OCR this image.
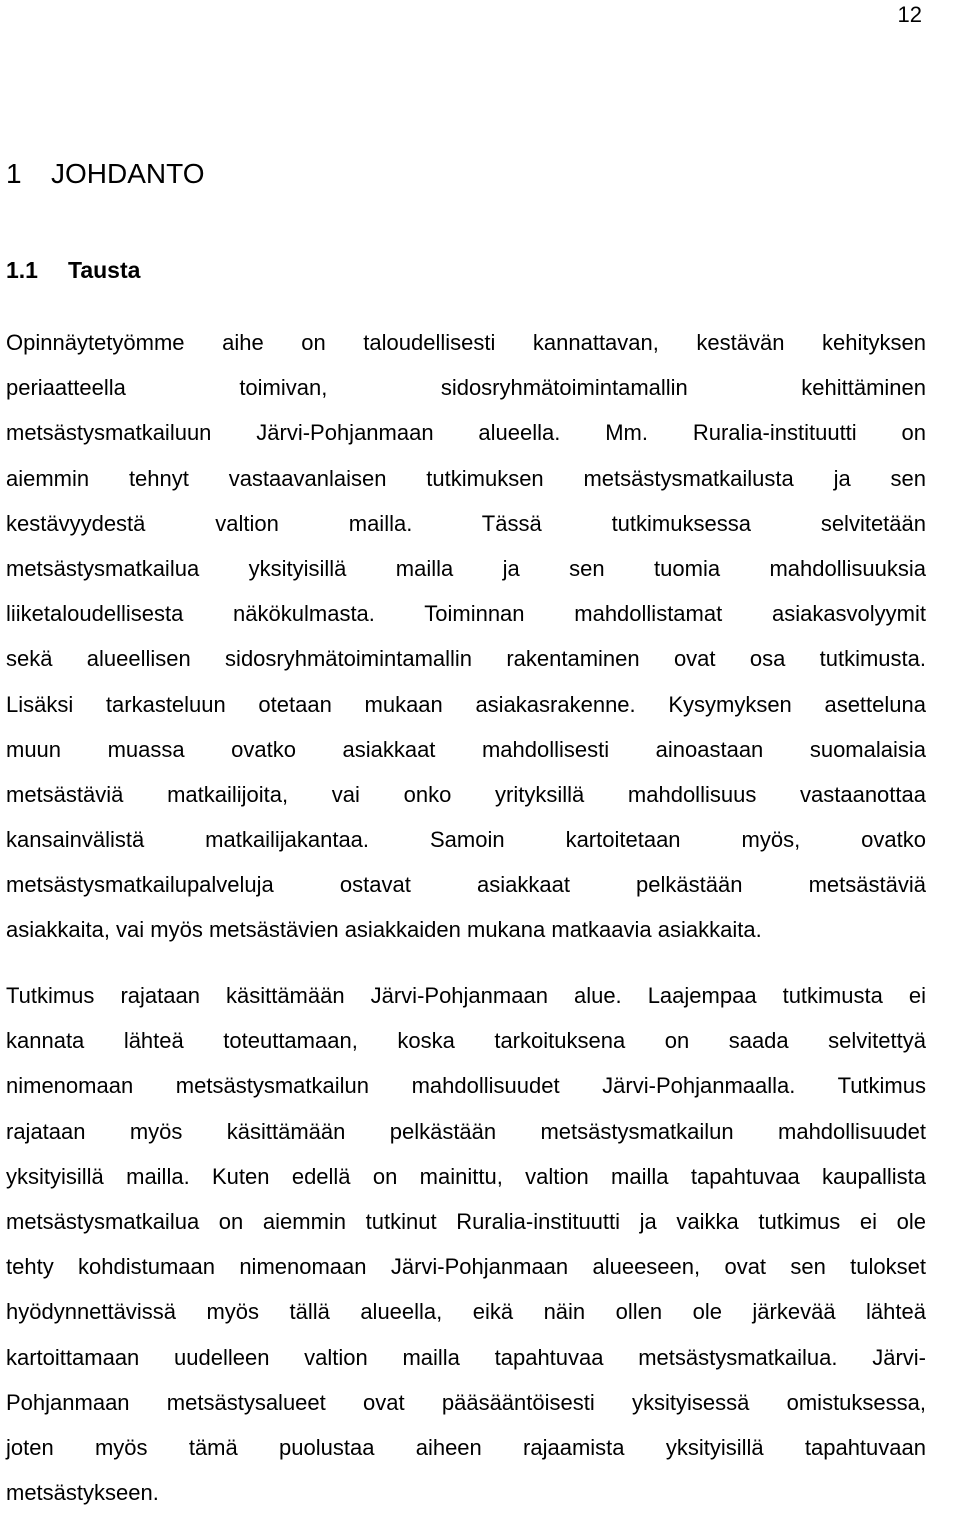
12
1 JOHDANTO
1.1 Tausta
Opinnäytetyömme aihe on taloudellisesti kannattavan, kestävän kehityksen
periaatteella toimivan, sidosryhmätoimintamallin kehittäminen
metsästysmatkailuun Järvi-Pohjanmaan alueella. Mm. Ruralia-instituutti on
aiemmin tehnyt vastaavanlaisen tutkimuksen metsästysmatkailusta ja sen
kestävyydestä valtion mailla. Tässä tutkimuksessa selvitetään
metsästysmatkailua yksityisillä mailla ja sen tuomia mahdollisuuksia
liiketaloudellisesta näkökulmasta. Toiminnan mahdollistamat asiakasvolyymit
sekä alueellisen sidosryhmätoimintamallin rakentaminen ovat osa tutkimusta.
Lisäksi tarkasteluun otetaan mukaan asiakasrakenne. Kysymyksen asetteluna
muun muassa ovatko asiakkaat mahdollisesti ainoastaan suomalaisia
metsästäviä matkailijoita, vai onko yrityksillä mahdollisuus vastaanottaa
kansainvälistä matkailijakantaa. Samoin kartoitetaan myös, ovatko
metsästysmatkailupalveluja ostavat asiakkaat pelkästään metsästäviä
asiakkaita, vai myös metsästävien asiakkaiden mukana matkaavia asiakkaita.
Tutkimus rajataan käsittämään Järvi-Pohjanmaan alue. Laajempaa tutkimusta ei
kannata lähteä toteuttamaan, koska tarkoituksena on saada selvitettyä
nimenomaan metsästysmatkailun mahdollisuudet Järvi-Pohjanmaalla. Tutkimus
rajataan myös käsittämään pelkästään metsästysmatkailun mahdollisuudet
yksityisillä mailla. Kuten edellä on mainittu, valtion mailla tapahtuvaa kaupallista
metsästysmatkailua on aiemmin tutkinut Ruralia-instituutti ja vaikka tutkimus ei ole
tehty kohdistumaan nimenomaan Järvi-Pohjanmaan alueeseen, ovat sen tulokset
hyödynnettävissä myös tällä alueella, eikä näin ollen ole järkevää lähteä
kartoittamaan uudelleen valtion mailla tapahtuvaa metsästysmatkailua. Järvi-
Pohjanmaan metsästysalueet ovat pääsääntöisesti yksityisessä omistuksessa,
joten myös tämä puolustaa aiheen rajaamista yksityisillä tapahtuvaan
metsästykseen.
